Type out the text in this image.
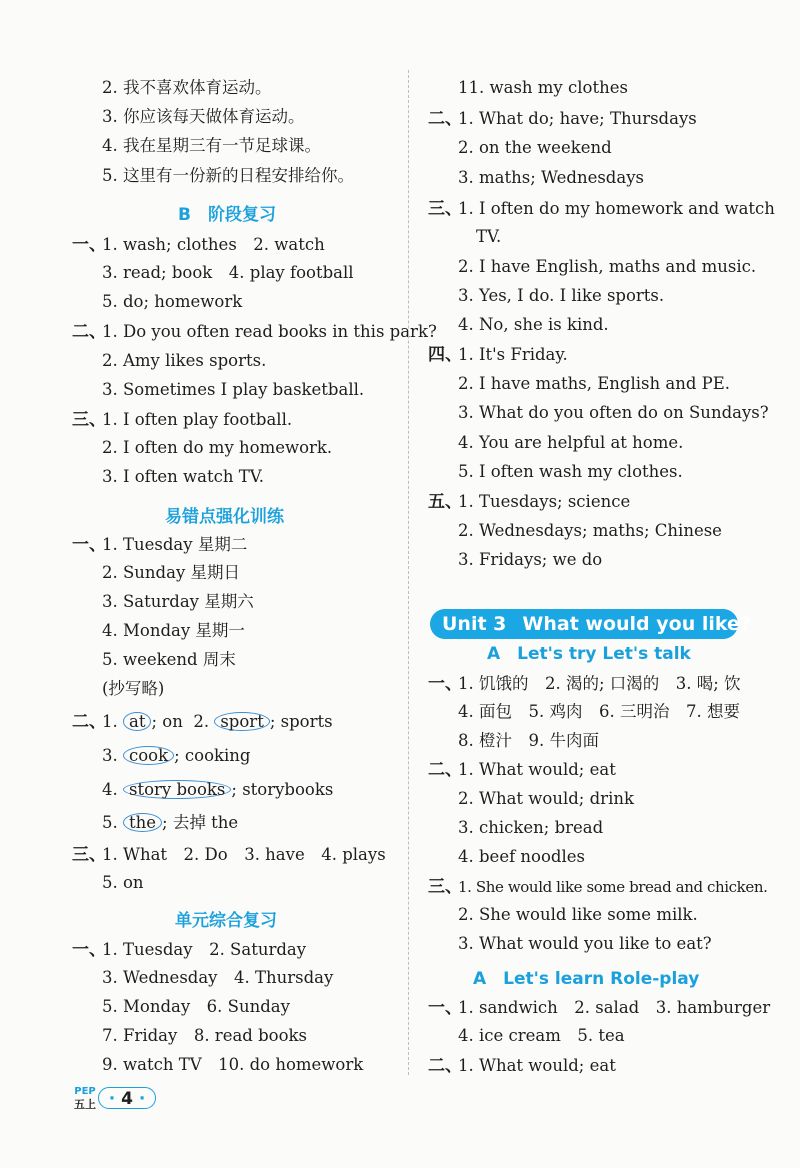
2. 我不喜欢体育运动。
3. 你应该每天做体育运动。
4. 我在星期三有一节足球课。
5. 这里有一份新的日程安排给你。
B　阶段复习
一、
1. wash; clothes　2. watch
3. read; book　4. play football
5. do; homework
二、
1. Do you often read books in this park?
2. Amy likes sports.
3. Sometimes I play basketball.
三、
1. I often play football.
2. I often do my homework.
3. I often watch TV.
易错点强化训练
一、
1. Tuesday 星期二
2. Sunday 星期日
3. Saturday 星期六
4. Monday 星期一
5. weekend 周末
(抄写略)
二、
1. at ; on 2. sport ; sports
3. cook ; cooking
4. story books ; storybooks
5. the ; 去掉 the
三、
1. What　2. Do　3. have　4. plays
5. on
单元综合复习
一、
1. Tuesday　2. Saturday
3. Wednesday　4. Thursday
5. Monday　6. Sunday
7. Friday　8. read books
9. watch TV　10. do homework
11. wash my clothes
二、
1. What do; have; Thursdays
2. on the weekend
3. maths; Wednesdays
三、
1. I often do my homework and watch
TV.
2. I have English, maths and music.
3. Yes, I do. I like sports.
4. No, she is kind.
四、
1. It's Friday.
2. I have maths, English and PE.
3. What do you often do on Sundays?
4. You are helpful at home.
5. I often wash my clothes.
五、
1. Tuesdays; science
2. Wednesdays; maths; Chinese
3. Fridays; we do
Unit 3 What would you like?
A　Let's try Let's talk
一、
1. 饥饿的　2. 渴的; 口渴的　3. 喝; 饮
4. 面包　5. 鸡肉　6. 三明治　7. 想要
8. 橙汁　9. 牛肉面
二、
1. What would; eat
2. What would; drink
3. chicken; bread
4. beef noodles
三、
1. She would like some bread and chicken.
2. She would like some milk.
3. What would you like to eat?
A　Let's learn Role-play
一、
1. sandwich　2. salad　3. hamburger
4. ice cream　5. tea
二、
1. What would; eat
PEP
五上 · 4 ·
